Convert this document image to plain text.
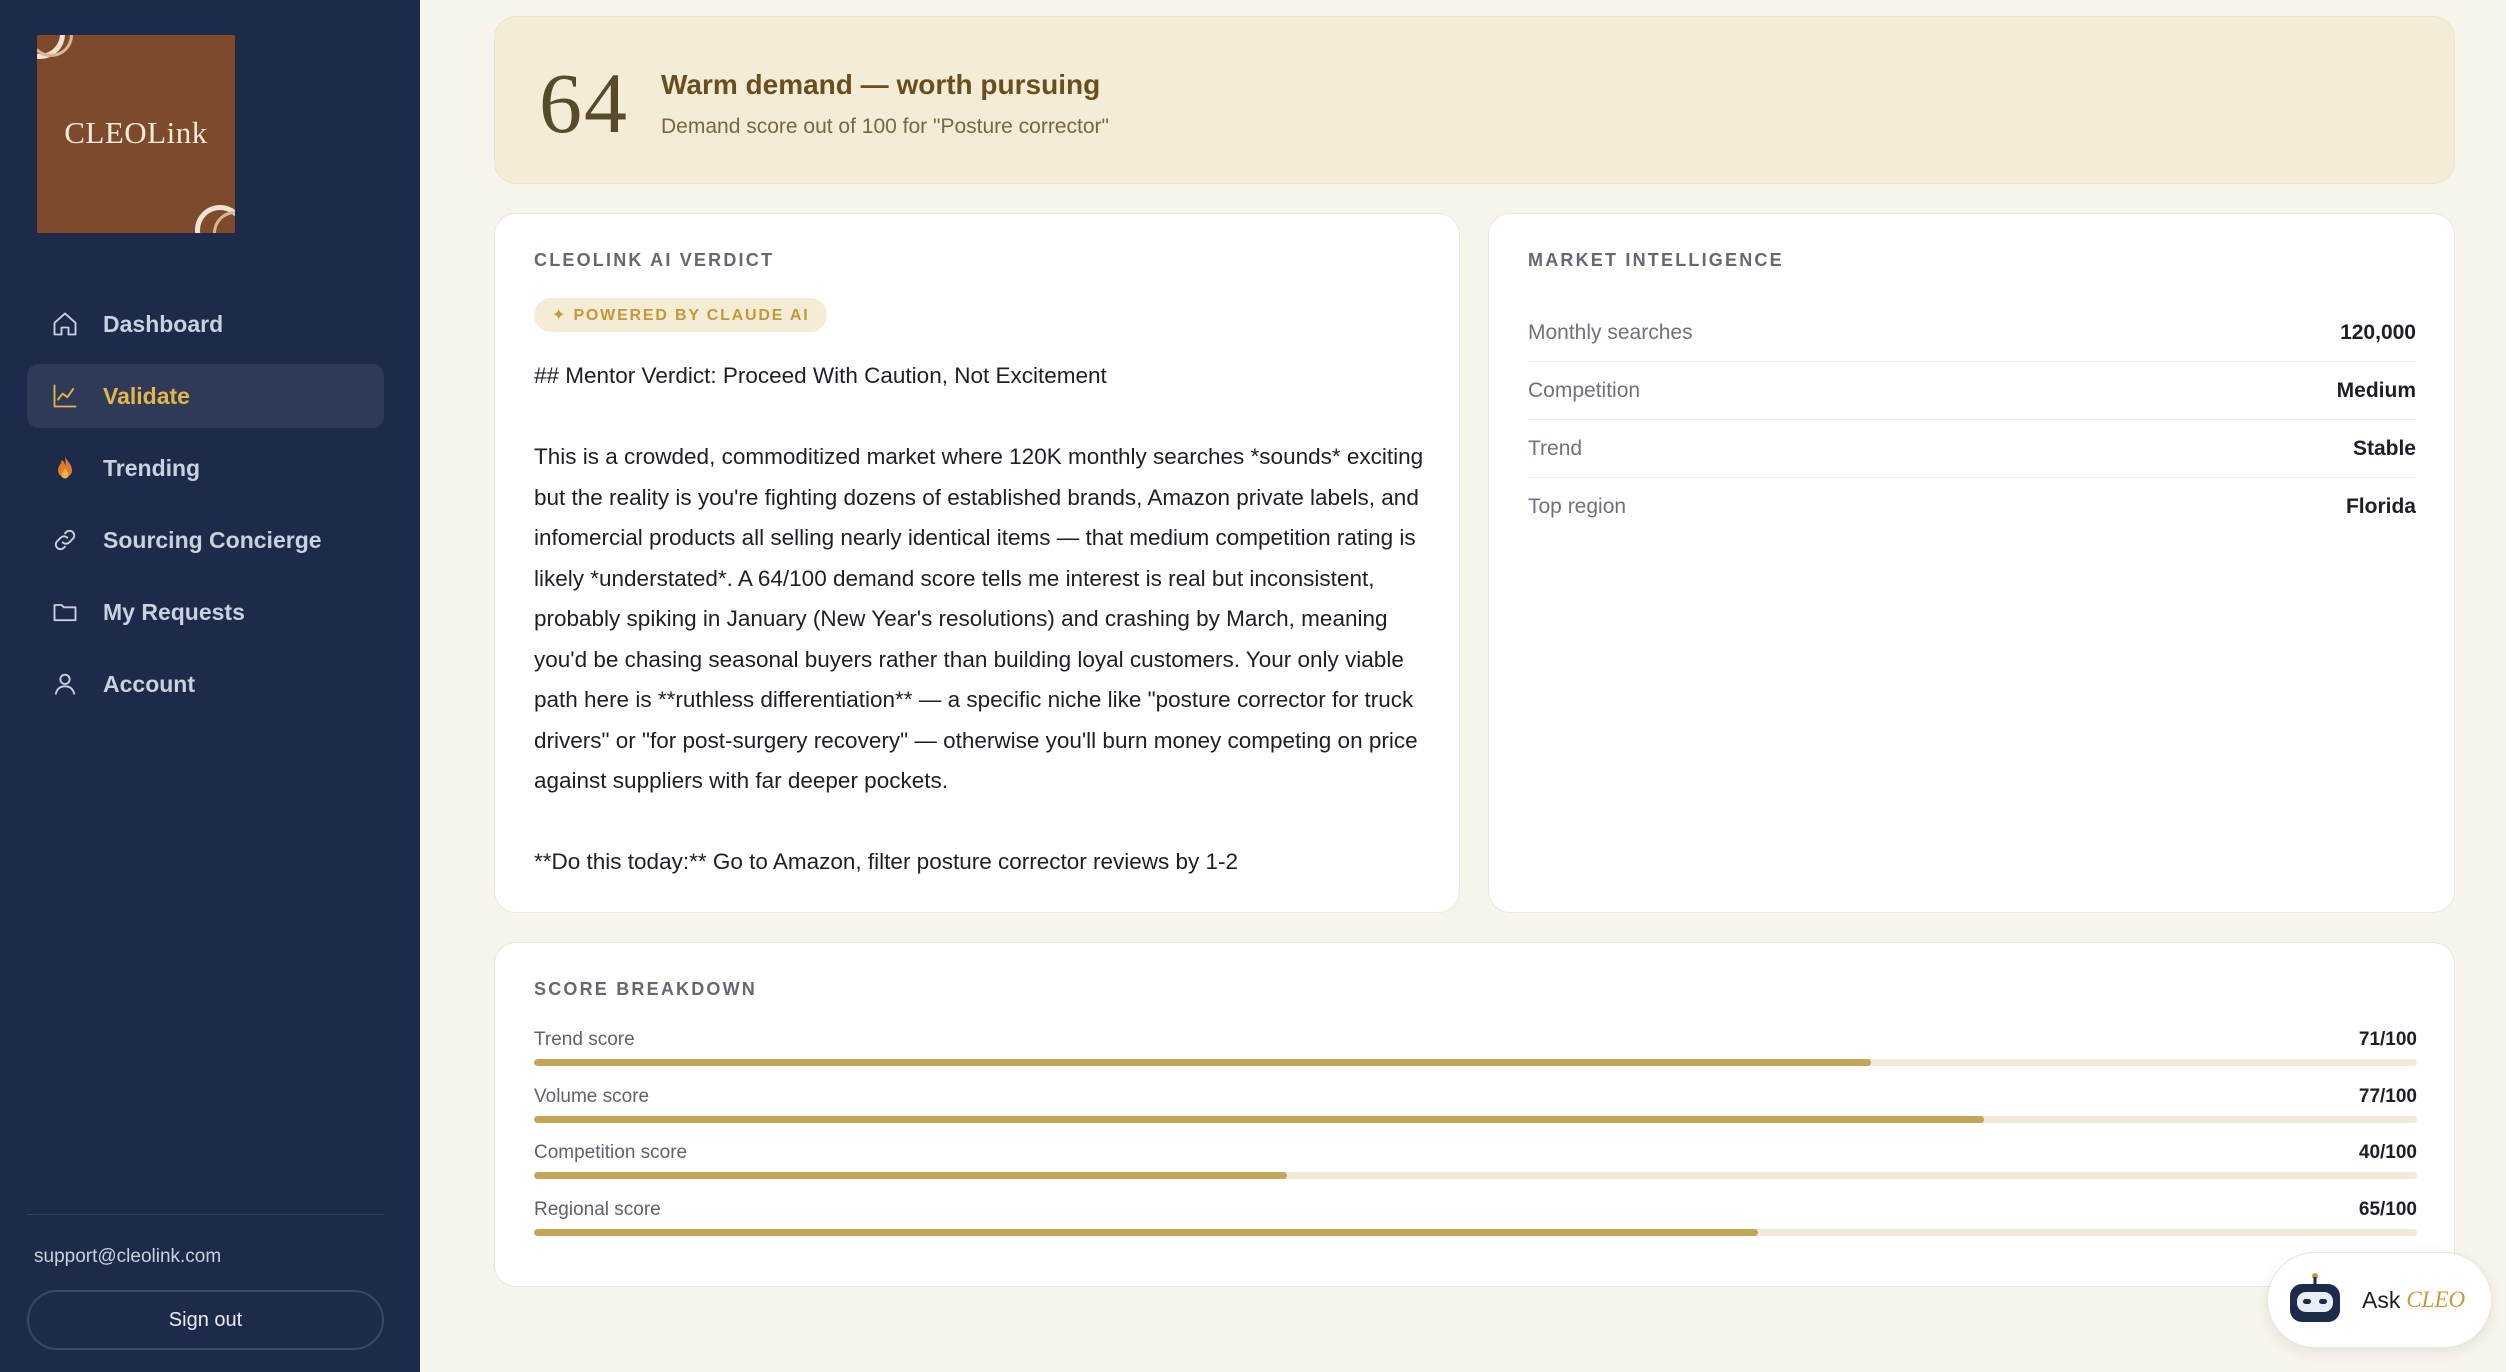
CLEOLink
Dashboard
Validate
Trending
Sourcing Concierge
My Requests
Account
support@cleolink.com
Sign out
64 Warm demand — worth pursuing
Demand score out of 100 for "Posture corrector"
CLEOLINK AI VERDICT
✦ POWERED BY CLAUDE AI

## Mentor Verdict: Proceed With Caution, Not Excitement

This is a crowded, commoditized market where 120K monthly searches *sounds* exciting but the reality is you're fighting dozens of established brands, Amazon private labels, and infomercial products all selling nearly identical items — that medium competition rating is likely *understated*. A 64/100 demand score tells me interest is real but inconsistent, probably spiking in January (New Year's resolutions) and crashing by March, meaning you'd be chasing seasonal buyers rather than building loyal customers. Your only viable path here is **ruthless differentiation** — a specific niche like "posture corrector for truck drivers" or "for post-surgery recovery" — otherwise you'll burn money competing on price against suppliers with far deeper pockets.

**Do this today:** Go to Amazon, filter posture corrector reviews by 1-2

MARKET INTELLIGENCE
Monthly searches	120,000
Competition	Medium
Trend	Stable
Top region	Florida
SCORE BREAKDOWN
Trend score	71/100
Volume score	77/100
Competition score	40/100
Regional score	65/100
Ask CLEO
